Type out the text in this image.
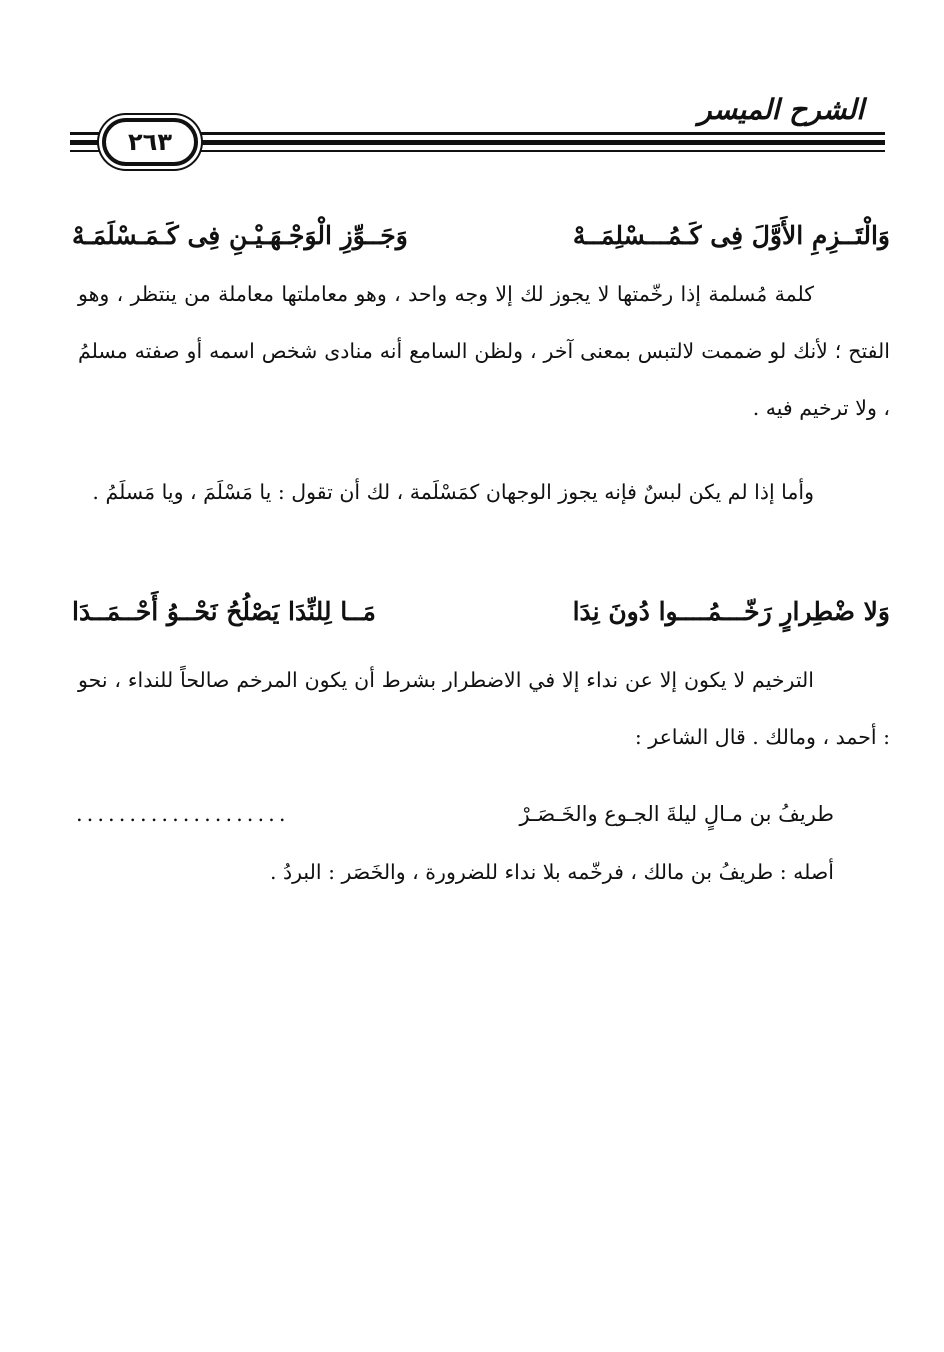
الشرح الميسر
٢٦٣
وَالْتَــزِمِ الأَوَّلَ فِى كَـمُـــسْلِمَــهْ
وَجَــوِّزِ الْوَجْـهَـيْـنِ فِى كَـمَـسْلَمَـهْ

كلمة مُسلمة إذا رخّمتها لا يجوز لك إلا وجه واحد ، وهو معاملتها معاملة من ينتظر ، وهو الفتح ؛ لأنك لو ضممت لالتبس بمعنى آخر ، ولظن السامع أنه منادى شخص اسمه أو صفته مسلمُ ، ولا ترخيم فيه .

وأما إذا لم يكن لبسٌ فإنه يجوز الوجهان كمَسْلَمة ، لك أن تقول : يا مَسْلَمَ ، ويا مَسلَمُ .

وَلا ضْطِرارٍ رَخّـــمُــــوا دُونَ نِدَا
مَــا لِلنِّدَا يَصْلُحُ نَحْــوُ أَحْــمَــدَا

الترخيم لا يكون إلا عن نداء إلا في الاضطرار بشرط أن يكون المرخم صالحاً للنداء ، نحو : أحمد ، ومالك . قال الشاعر :

طريفُ بن مـالٍ ليلةَ الجـوع والخَـصَـرْ
....................

أصله : طريفُ بن مالك ، فرخّمه بلا نداء للضرورة ، والخَصَر : البردُ .
